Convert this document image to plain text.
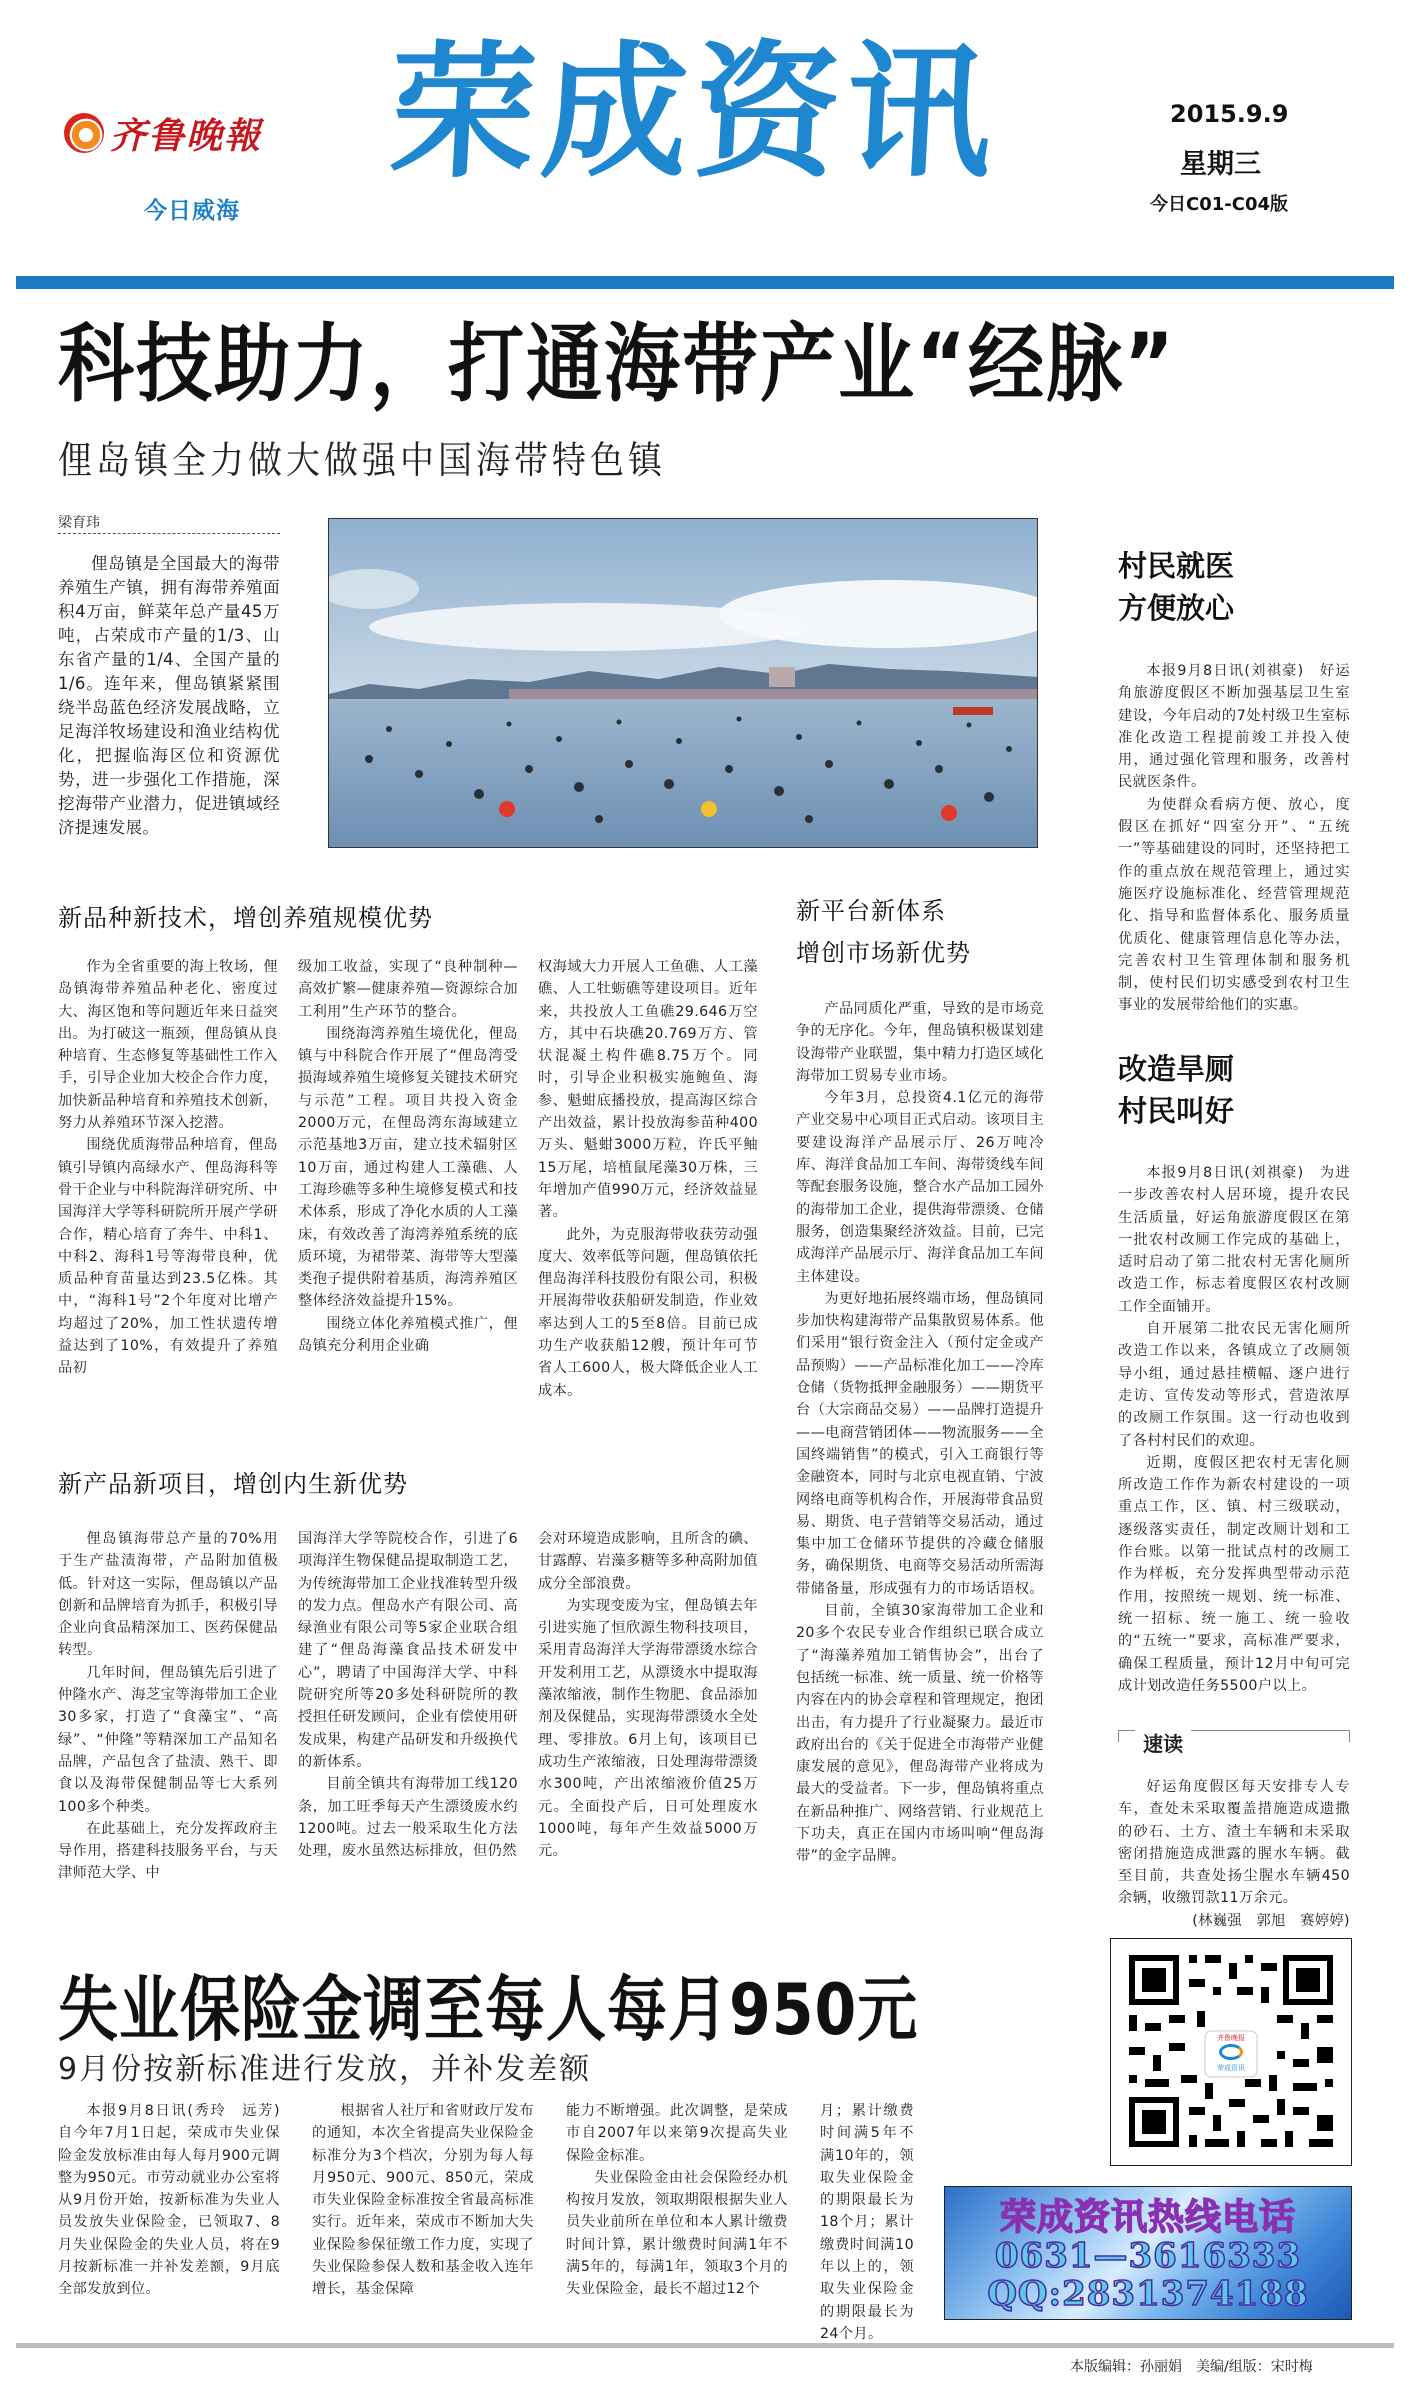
齐鲁晚報
今日威海
荣成资讯	2015.9.9
星期三
今日C01-C04版
科技助力，打通海带产业“经脉”
俚岛镇全力做大做强中国海带特色镇
梁育玮

俚岛镇是全国最大的海带养殖生产镇，拥有海带养殖面积4万亩，鲜菜年总产量45万吨，占荣成市产量的1/3、山东省产量的1/4、全国产量的1/6。连年来，俚岛镇紧紧围绕半岛蓝色经济发展战略，立足海洋牧场建设和渔业结构优化，把握临海区位和资源优势，进一步强化工作措施，深挖海带产业潜力，促进镇域经济提速发展。

新品种新技术，增创养殖规模优势

作为全省重要的海上牧场，俚岛镇海带养殖品种老化、密度过大、海区饱和等问题近年来日益突出。为打破这一瓶颈，俚岛镇从良种培育、生态修复等基础性工作入手，引导企业加大校企合作力度，加快新品种培育和养殖技术创新，努力从养殖环节深入挖潜。

围绕优质海带品种培育，俚岛镇引导镇内高绿水产、俚岛海科等骨干企业与中科院海洋研究所、中国海洋大学等科研院所开展产学研合作，精心培育了奔牛、中科1、中科2、海科1号等海带良种，优质品种育苗量达到23.5亿株。其中，“海科1号”2个年度对比增产均超过了20%，加工性状遗传增益达到了10%，有效提升了养殖品初

级加工收益，实现了“良种制种—高效扩繁—健康养殖—资源综合加工利用”生产环节的整合。

围绕海湾养殖生境优化，俚岛镇与中科院合作开展了“俚岛湾受损海域养殖生境修复关键技术研究与示范”工程。项目共投入资金2000万元，在俚岛湾东海域建立示范基地3万亩，建立技术辐射区10万亩，通过构建人工藻礁、人工海珍礁等多种生境修复模式和技术体系，形成了净化水质的人工藻床，有效改善了海湾养殖系统的底质环境，为裙带菜、海带等大型藻类孢子提供附着基质，海湾养殖区整体经济效益提升15%。

围绕立体化养殖模式推广，俚岛镇充分利用企业确

权海域大力开展人工鱼礁、人工藻礁、人工牡蛎礁等建设项目。近年来，共投放人工鱼礁29.646万空方，其中石块礁20.769万方、管状混凝土构件礁8.75万个。同时，引导企业积极实施鲍鱼、海参、魁蚶底播投放，提高海区综合产出效益，累计投放海参苗种400万头、魁蚶3000万粒，许氏平鲉15万尾，培植鼠尾藻30万株，三年增加产值990万元，经济效益显著。

此外，为克服海带收获劳动强度大、效率低等问题，俚岛镇依托俚岛海洋科技股份有限公司，积极开展海带收获船研发制造，作业效率达到人工的5至8倍。目前已成功生产收获船12艘，预计年可节省人工600人，极大降低企业人工成本。

新产品新项目，增创内生新优势

俚岛镇海带总产量的70%用于生产盐渍海带，产品附加值极低。针对这一实际，俚岛镇以产品创新和品牌培育为抓手，积极引导企业向食品精深加工、医药保健品转型。

几年时间，俚岛镇先后引进了仲隆水产、海芝宝等海带加工企业30多家，打造了“食藻宝”、“高绿”、“仲隆”等精深加工产品知名品牌，产品包含了盐渍、熟干、即食以及海带保健制品等七大系列100多个种类。

在此基础上，充分发挥政府主导作用，搭建科技服务平台，与天津师范大学、中

国海洋大学等院校合作，引进了6项海洋生物保健品提取制造工艺，为传统海带加工企业找准转型升级的发力点。俚岛水产有限公司、高绿渔业有限公司等5家企业联合组建了“俚岛海藻食品技术研发中心”，聘请了中国海洋大学、中科院研究所等20多处科研院所的教授担任研发顾问，企业有偿使用研发成果，构建产品研发和升级换代的新体系。

目前全镇共有海带加工线120条，加工旺季每天产生漂烫废水约1200吨。过去一般采取生化方法处理，废水虽然达标排放，但仍然

会对环境造成影响，且所含的碘、甘露醇、岩藻多糖等多种高附加值成分全部浪费。

为实现变废为宝，俚岛镇去年引进实施了恒欣源生物科技项目，采用青岛海洋大学海带漂烫水综合开发利用工艺，从漂烫水中提取海藻浓缩液，制作生物肥、食品添加剂及保健品，实现海带漂烫水全处理、零排放。6月上旬，该项目已成功生产浓缩液，日处理海带漂烫水300吨，产出浓缩液价值25万元。全面投产后，日可处理废水1000吨，每年产生效益5000万元。

新平台新体系
增创市场新优势

产品同质化严重，导致的是市场竞争的无序化。今年，俚岛镇积极谋划建设海带产业联盟，集中精力打造区域化海带加工贸易专业市场。

今年3月，总投资4.1亿元的海带产业交易中心项目正式启动。该项目主要建设海洋产品展示厅、26万吨冷库、海洋食品加工车间、海带烫线车间等配套服务设施，整合水产品加工园外的海带加工企业，提供海带漂烫、仓储服务，创造集聚经济效益。目前，已完成海洋产品展示厅、海洋食品加工车间主体建设。

为更好地拓展终端市场，俚岛镇同步加快构建海带产品集散贸易体系。他们采用“银行资金注入（预付定金或产品预购）——产品标准化加工——冷库仓储（货物抵押金融服务）——期货平台（大宗商品交易）——品牌打造提升——电商营销团体——物流服务——全国终端销售”的模式，引入工商银行等金融资本，同时与北京电视直销、宁波网络电商等机构合作，开展海带食品贸易、期货、电子营销等交易活动，通过集中加工仓储环节提供的冷藏仓储服务，确保期货、电商等交易活动所需海带储备量，形成强有力的市场话语权。

目前，全镇30家海带加工企业和20多个农民专业合作组织已联合成立了“海藻养殖加工销售协会”，出台了包括统一标准、统一质量、统一价格等内容在内的协会章程和管理规定，抱团出击，有力提升了行业凝聚力。最近市政府出台的《关于促进全市海带产业健康发展的意见》，俚岛海带产业将成为最大的受益者。下一步，俚岛镇将重点在新品种推广、网络营销、行业规范上下功夫，真正在国内市场叫响“俚岛海带”的金字品牌。

村民就医
方便放心

本报9月8日讯(刘祺豪)　好运角旅游度假区不断加强基层卫生室建设，今年启动的7处村级卫生室标准化改造工程提前竣工并投入使用，通过强化管理和服务，改善村民就医条件。

为使群众看病方便、放心，度假区在抓好“四室分开”、“五统一”等基础建设的同时，还坚持把工作的重点放在规范管理上，通过实施医疗设施标准化、经营管理规范化、指导和监督体系化、服务质量优质化、健康管理信息化等办法，完善农村卫生管理体制和服务机制，使村民们切实感受到农村卫生事业的发展带给他们的实惠。

改造旱厕
村民叫好

本报9月8日讯(刘祺豪)　为进一步改善农村人居环境，提升农民生活质量，好运角旅游度假区在第一批农村改厕工作完成的基础上，适时启动了第二批农村无害化厕所改造工作，标志着度假区农村改厕工作全面铺开。

自开展第二批农民无害化厕所改造工作以来，各镇成立了改厕领导小组，通过悬挂横幅、逐户进行走访、宣传发动等形式，营造浓厚的改厕工作氛围。这一行动也收到了各村村民们的欢迎。

近期，度假区把农村无害化厕所改造工作作为新农村建设的一项重点工作，区、镇、村三级联动，逐级落实责任，制定改厕计划和工作台账。以第一批试点村的改厕工作为样板，充分发挥典型带动示范作用，按照统一规划、统一标准、统一招标、统一施工、统一验收的“五统一”要求，高标准严要求，确保工程质量，预计12月中旬可完成计划改造任务5500户以上。

速读

好运角度假区每天安排专人专车，查处未采取覆盖措施造成遗撒的砂石、土方、渣土车辆和未采取密闭措施造成泄露的腥水车辆。截至目前，共查处扬尘腥水车辆450余辆，收缴罚款11万余元。

(林巍强　郭旭　赛婷婷)
失业保险金调至每人每月950元
9月份按新标准进行发放，并补发差额

本报9月8日讯(秀玲　远芳)　自今年7月1日起，荣成市失业保险金发放标准由每人每月900元调整为950元。市劳动就业办公室将从9月份开始，按新标准为失业人员发放失业保险金，已领取7、8月失业保险金的失业人员，将在9月按新标准一并补发差额，9月底全部发放到位。

根据省人社厅和省财政厅发布的通知，本次全省提高失业保险金标准分为3个档次，分别为每人每月950元、900元、850元，荣成市失业保险金标准按全省最高标准实行。近年来，荣成市不断加大失业保险参保征缴工作力度，实现了失业保险参保人数和基金收入连年增长，基金保障

能力不断增强。此次调整，是荣成市自2007年以来第9次提高失业保险金标准。

失业保险金由社会保险经办机构按月发放，领取期限根据失业人员失业前所在单位和本人累计缴费时间计算，累计缴费时间满1年不满5年的，每满1年，领取3个月的失业保险金，最长不超过12个

月；累计缴费时间满5年不满10年的，领取失业保险金的期限最长为18个月；累计缴费时间满10年以上的，领取失业保险金的期限最长为24个月。

齐鲁晚报
荣成资讯
荣成资讯热线电话
0631—3616333
QQ:2831374188
本版编辑：孙丽娟　美编/组版：宋时梅
